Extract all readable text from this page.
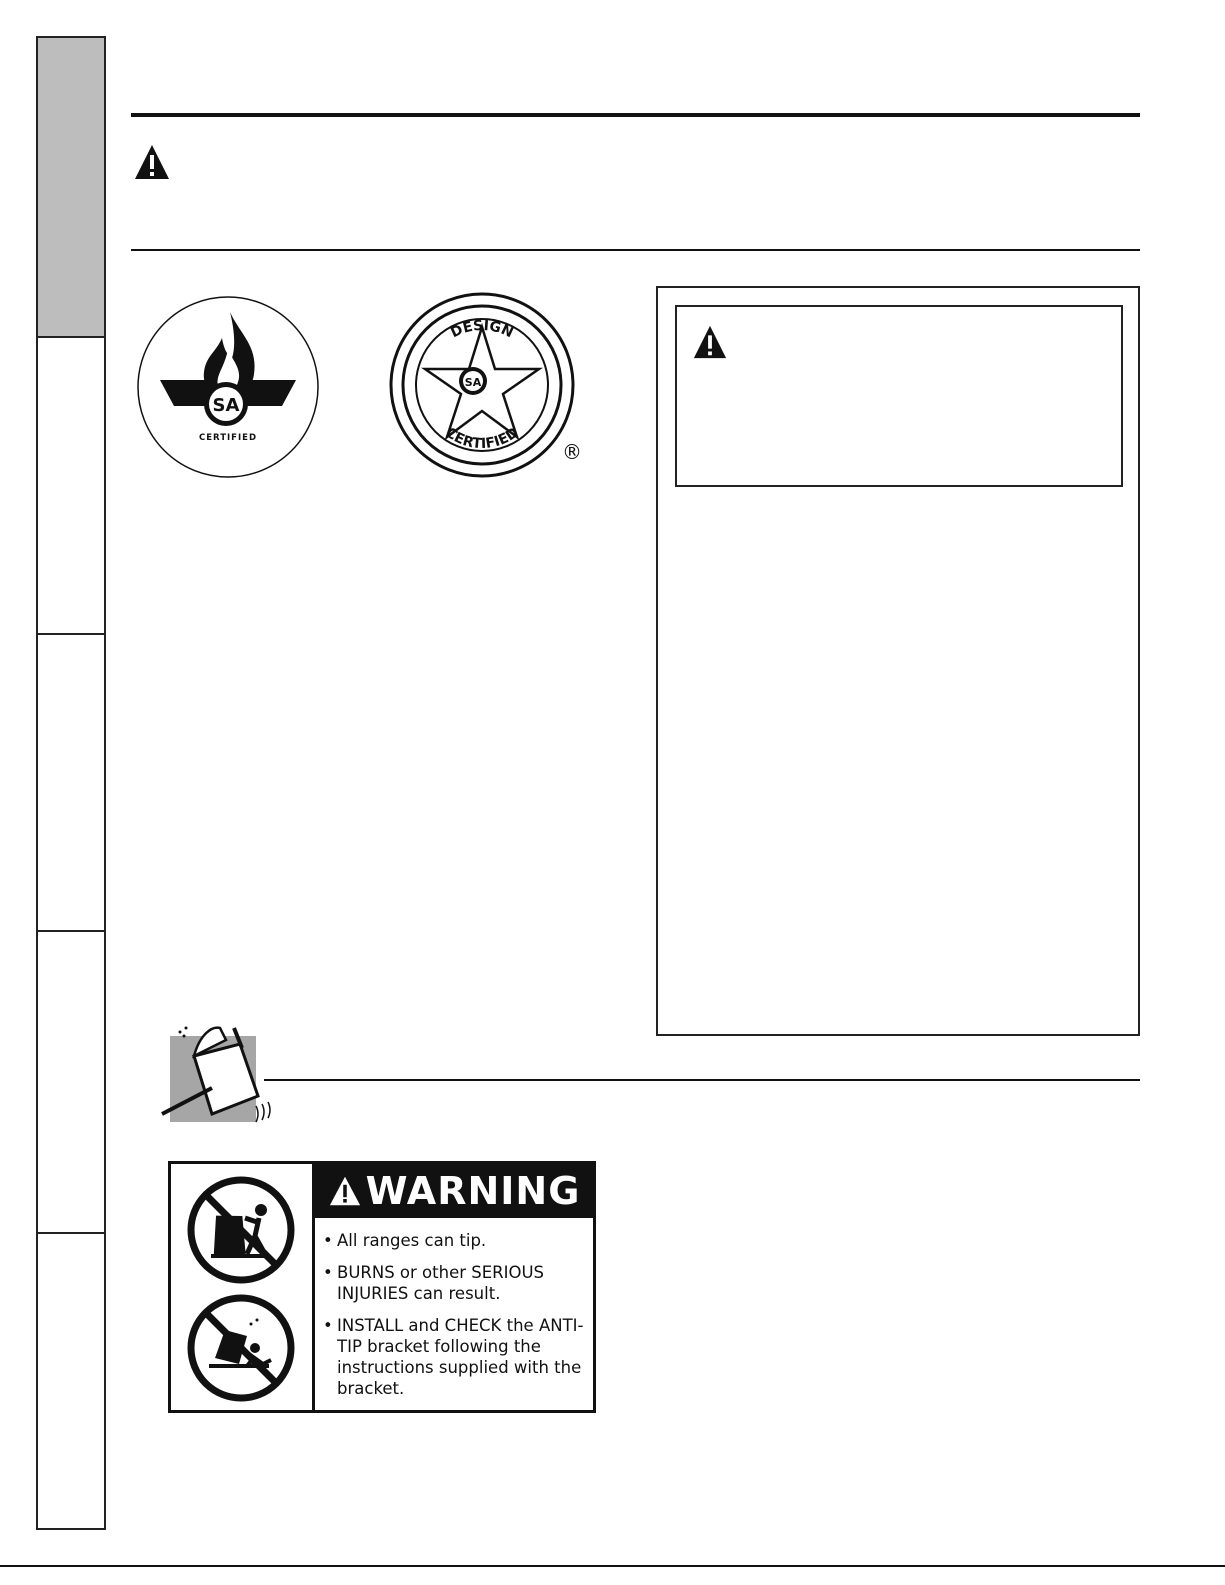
SA
CERTIFIED
DESIGN
CERTIFIED
SA
®
WARNING
• All ranges can tip.
• BURNS or other SERIOUS INJURIES can result.
• INSTALL and CHECK the ANTI-TIP bracket following the instructions supplied with the bracket.
